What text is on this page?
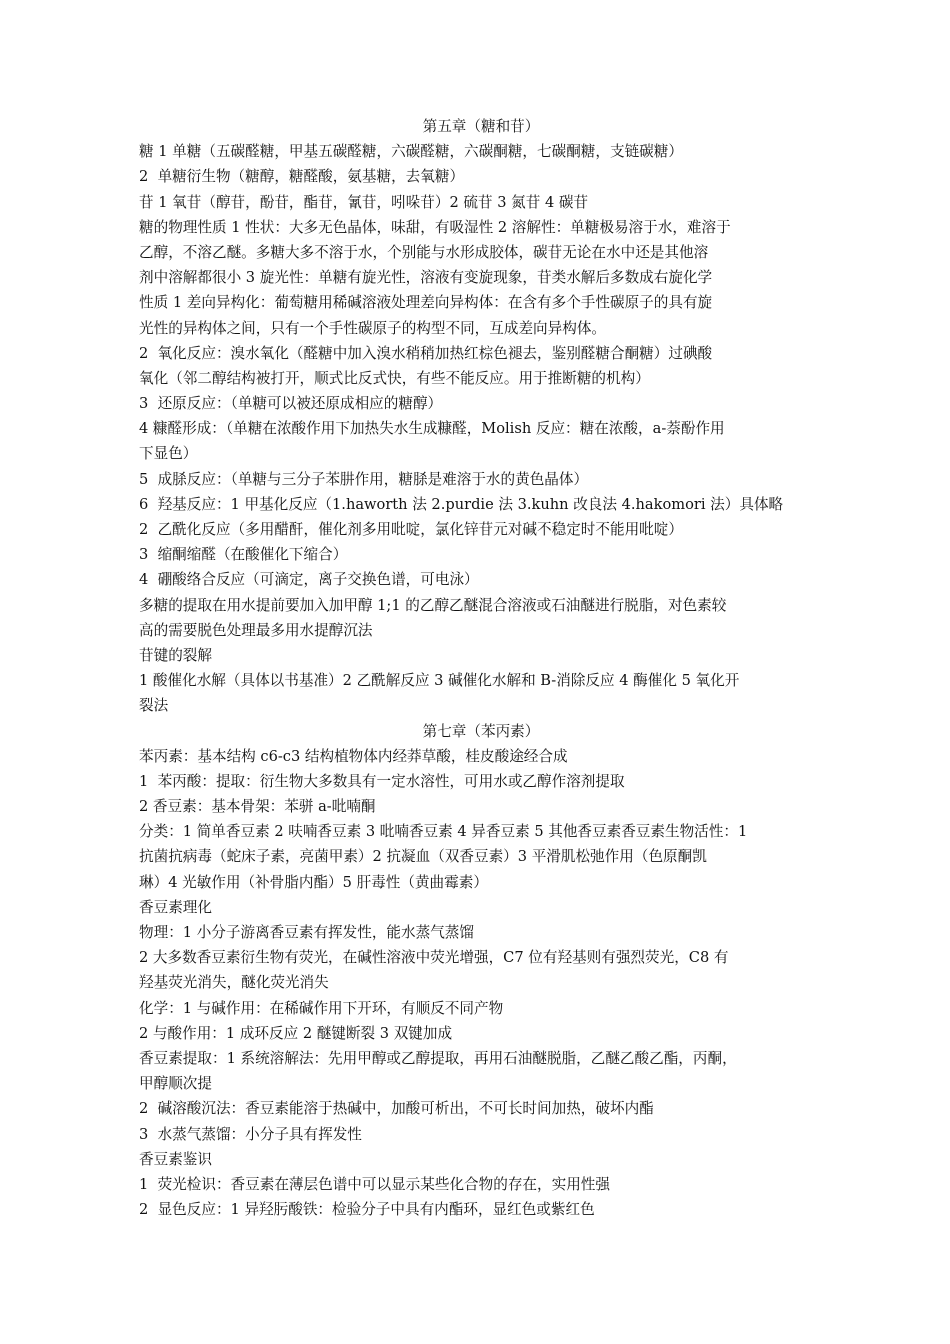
第五章（糖和苷）
糖 1 单糖（五碳醛糖，甲基五碳醛糖，六碳醛糖，六碳酮糖，七碳酮糖，支链碳糖）
2  单糖衍生物（糖醇，糖醛酸，氨基糖，去氧糖）
苷 1 氧苷（醇苷，酚苷，酯苷，氰苷，吲哚苷）2 硫苷 3 氮苷 4 碳苷
糖的物理性质 1 性状：大多无色晶体，味甜，有吸湿性 2 溶解性：单糖极易溶于水，难溶于
乙醇，不溶乙醚。多糖大多不溶于水，个别能与水形成胶体，碳苷无论在水中还是其他溶
剂中溶解都很小 3 旋光性：单糖有旋光性，溶液有变旋现象，苷类水解后多数成右旋化学
性质 1 差向异构化：葡萄糖用稀碱溶液处理差向异构体：在含有多个手性碳原子的具有旋
光性的异构体之间，只有一个手性碳原子的构型不同，互成差向异构体。
2  氧化反应：溴水氧化（醛糖中加入溴水稍稍加热红棕色褪去，鉴别醛糖合酮糖）过碘酸
氧化（邻二醇结构被打开，顺式比反式快，有些不能反应。用于推断糖的机构）
3  还原反应：（单糖可以被还原成相应的糖醇）
4 糠醛形成：（单糖在浓酸作用下加热失水生成糠醛，Molish 反应：糖在浓酸，a-萘酚作用
下显色）
5  成脎反应：（单糖与三分子苯肼作用，糖脎是难溶于水的黄色晶体）
6  羟基反应：1 甲基化反应（1.haworth 法 2.purdie 法 3.kuhn 改良法 4.hakomori 法）具体略
2  乙酰化反应（多用醋酐，催化剂多用吡啶，氯化锌苷元对碱不稳定时不能用吡啶）
3  缩酮缩醛（在酸催化下缩合）
4  硼酸络合反应（可滴定，离子交换色谱，可电泳）
多糖的提取在用水提前要加入加甲醇 1;1 的乙醇乙醚混合溶液或石油醚进行脱脂，对色素较
高的需要脱色处理最多用水提醇沉法
苷键的裂解
1 酸催化水解（具体以书基准）2 乙酰解反应 3 碱催化水解和 B-消除反应 4 酶催化 5 氧化开
裂法
第七章（苯丙素）
苯丙素：基本结构 c6-c3 结构植物体内经莽草酸，桂皮酸途经合成
1  苯丙酸：提取：衍生物大多数具有一定水溶性，可用水或乙醇作溶剂提取
2 香豆素：基本骨架：苯骈 a-吡喃酮
分类：1 简单香豆素 2 呋喃香豆素 3 吡喃香豆素 4 异香豆素 5 其他香豆素香豆素生物活性：1
抗菌抗病毒（蛇床子素，亮菌甲素）2 抗凝血（双香豆素）3 平滑肌松弛作用（色原酮凯
琳）4 光敏作用（补骨脂内酯）5 肝毒性（黄曲霉素）
香豆素理化
物理：1 小分子游离香豆素有挥发性，能水蒸气蒸馏
2 大多数香豆素衍生物有荧光，在碱性溶液中荧光增强，C7 位有羟基则有强烈荧光，C8 有
羟基荧光消失，醚化荧光消失
化学：1 与碱作用：在稀碱作用下开环，有顺反不同产物
2 与酸作用：1 成环反应 2 醚键断裂 3 双键加成
香豆素提取：1 系统溶解法：先用甲醇或乙醇提取，再用石油醚脱脂，乙醚乙酸乙酯，丙酮，
甲醇顺次提
2  碱溶酸沉法：香豆素能溶于热碱中，加酸可析出，不可长时间加热，破坏内酯
3  水蒸气蒸馏：小分子具有挥发性
香豆素鉴识
1  荧光检识：香豆素在薄层色谱中可以显示某些化合物的存在，实用性强
2  显色反应：1 异羟肟酸铁：检验分子中具有内酯环，显红色或紫红色
